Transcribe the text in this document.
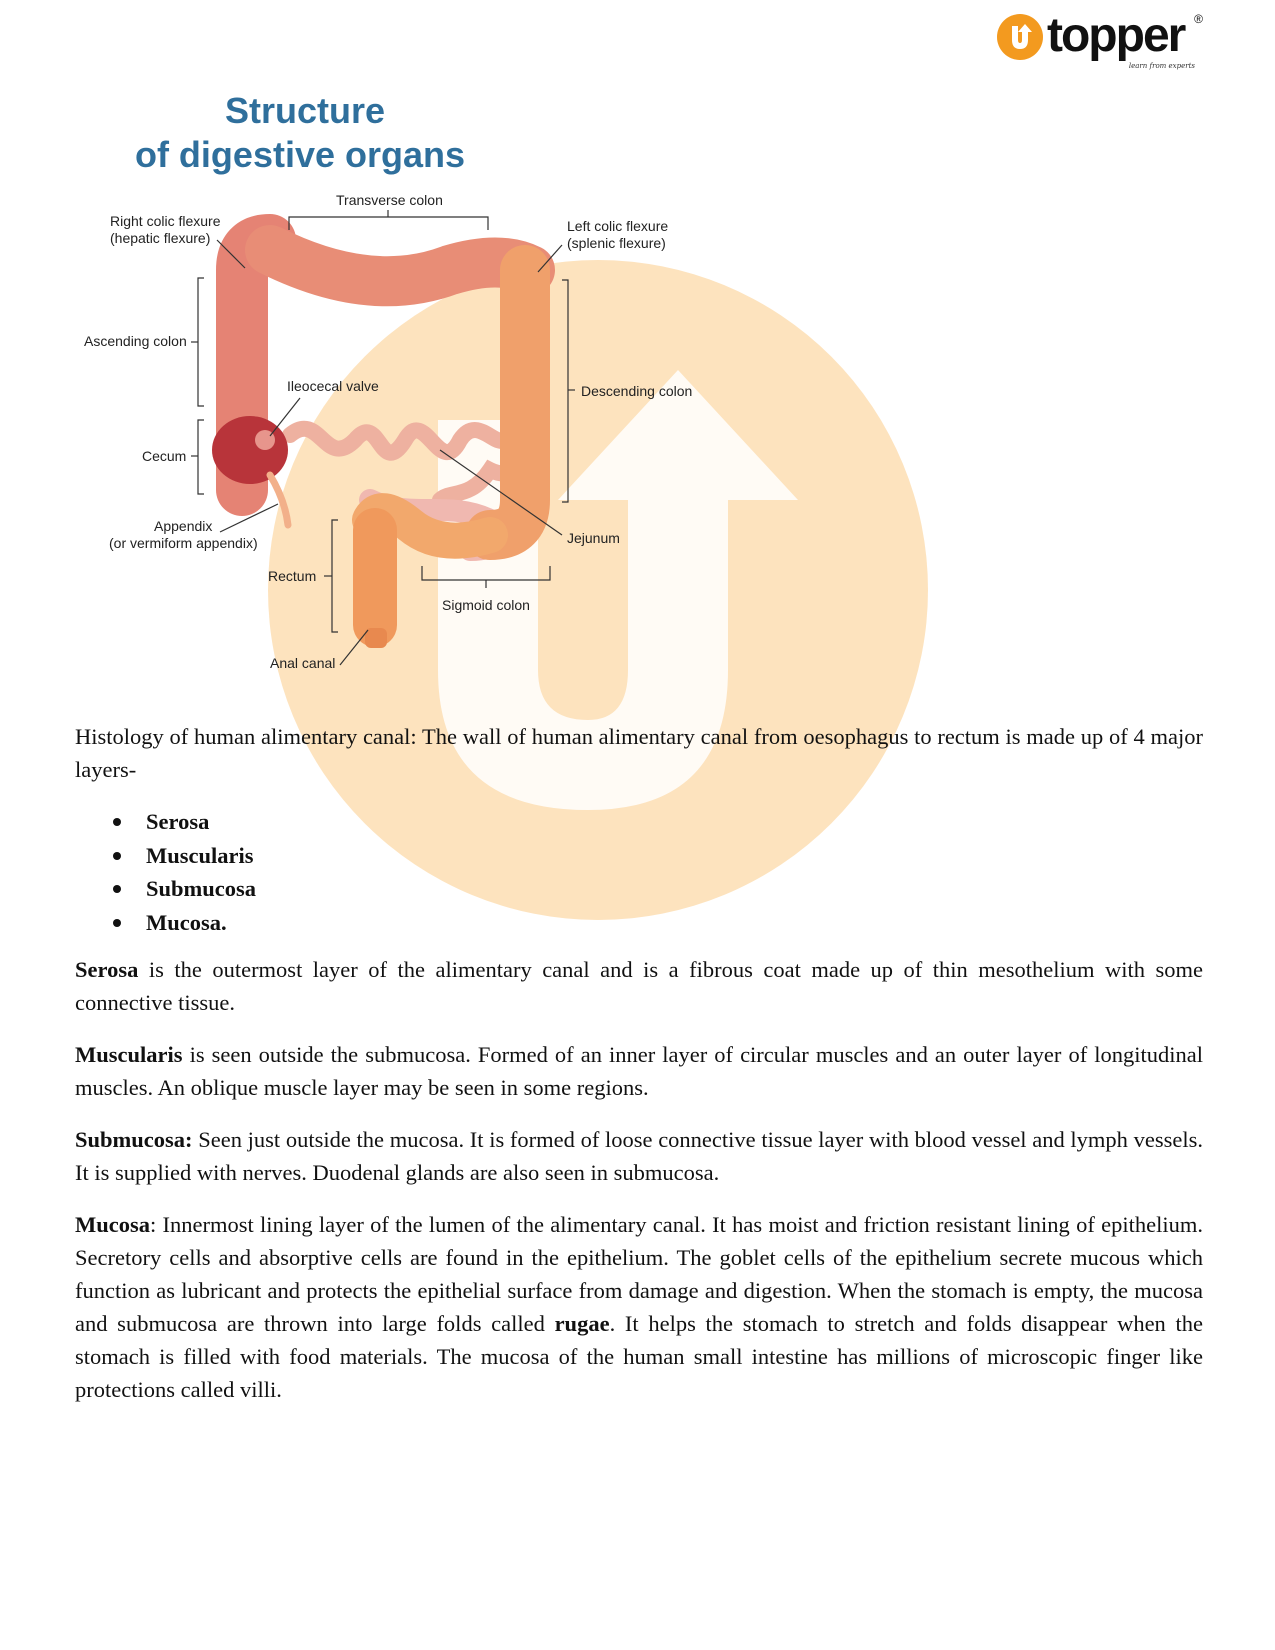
topper ®
learn from experts
Structure
of digestive organs
Transverse colon
Right colic flexure
(hepatic flexure)
Left colic flexure
(splenic flexure)
Ascending colon
Ileocecal valve	Descending colon
Cecum
Appendix
(or vermiform appendix)	Jejunum
Rectum
Sigmoid colon
Anal canal

Histology of human alimentary canal: The wall of human alimentary canal from oesophagus to rectum is made up of 4 major layers-

Serosa
Muscularis
Submucosa
Mucosa.

Serosa is the outermost layer of the alimentary canal and is a fibrous coat made up of thin mesothelium with some connective tissue.

Muscularis is seen outside the submucosa. Formed of an inner layer of circular muscles and an outer layer of longitudinal muscles. An oblique muscle layer may be seen in some regions.

Submucosa: Seen just outside the mucosa. It is formed of loose connective tissue layer with blood vessel and lymph vessels. It is supplied with nerves. Duodenal glands are also seen in submucosa.

Mucosa: Innermost lining layer of the lumen of the alimentary canal. It has moist and friction resistant lining of epithelium. Secretory cells and absorptive cells are found in the epithelium. The goblet cells of the epithelium secrete mucous which function as lubricant and protects the epithelial surface from damage and digestion. When the stomach is empty, the mucosa and submucosa are thrown into large folds called rugae. It helps the stomach to stretch and folds disappear when the stomach is filled with food materials. The mucosa of the human small intestine has millions of microscopic finger like protections called villi.
